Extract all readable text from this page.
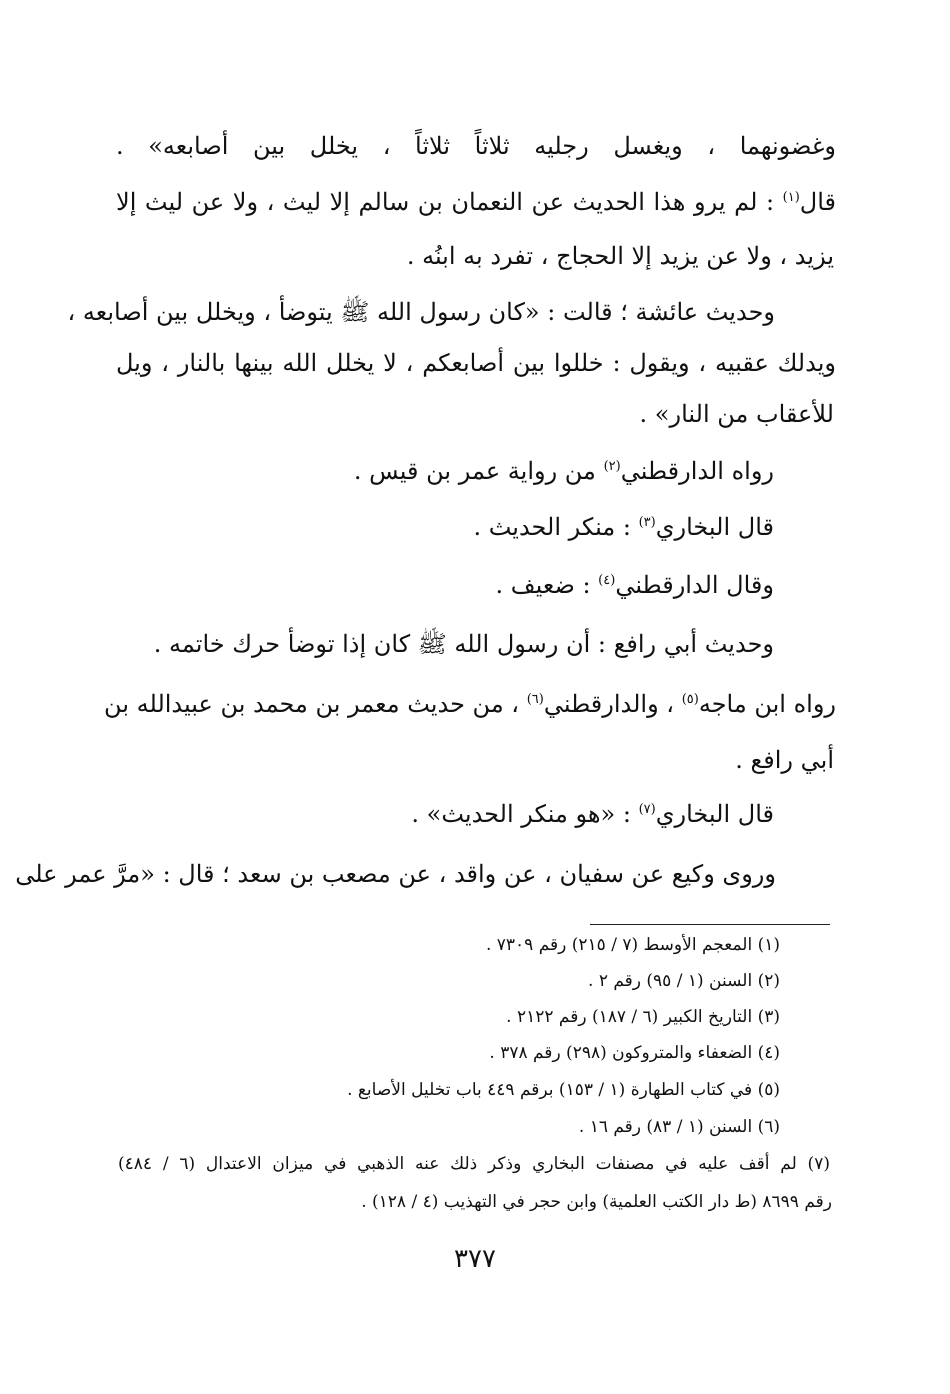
وغضونهما ، ويغسل رجليه ثلاثاً ثلاثاً ، يخلل بين أصابعه» .
قال$^{(١)}$ : لم يرو هذا الحديث عن النعمان بن سالم إلا ليث ، ولا عن ليث إلا
يزيد ، ولا عن يزيد إلا الحجاج ، تفرد به ابنُه .
وحديث عائشة ؛ قالت : «كان رسول الله ﷺ يتوضأ ، ويخلل بين أصابعه ،
ويدلك عقبيه ، ويقول : خللوا بين أصابعكم ، لا يخلل الله بينها بالنار ، ويل
للأعقاب من النار» .
رواه الدارقطني$^{(٢)}$ من رواية عمر بن قيس .
قال البخاري$^{(٣)}$ : منكر الحديث .
وقال الدارقطني$^{(٤)}$ : ضعيف .
وحديث أبي رافع : أن رسول الله ﷺ كان إذا توضأ حرك خاتمه .
رواه ابن ماجه$^{(٥)}$ ، والدارقطني$^{(٦)}$ ، من حديث معمر بن محمد بن عبيدالله بن
أبي رافع .
قال البخاري$^{(٧)}$ : «هو منكر الحديث» .
وروى وكيع عن سفيان ، عن واقد ، عن مصعب بن سعد ؛ قال : «مرَّ عمر على
(١) المعجم الأوسط (٧ / ٢١٥) رقم ٧٣٠٩ .
(٢) السنن (١ / ٩٥) رقم ٢ .
(٣) التاريخ الكبير (٦ / ١٨٧) رقم ٢١٢٢ .
(٤) الضعفاء والمتروكون (٢٩٨) رقم ٣٧٨ .
(٥) في كتاب الطهارة (١ / ١٥٣) برقم ٤٤٩ باب تخليل الأصابع .
(٦) السنن (١ / ٨٣) رقم ١٦ .
(٧) لم أقف عليه في مصنفات البخاري وذكر ذلك عنه الذهبي في ميزان الاعتدال (٦ / ٤٨٤)
رقم ٨٦٩٩ (ط دار الكتب العلمية) وابن حجر في التهذيب (٤ / ١٢٨) .
٣٧٧
